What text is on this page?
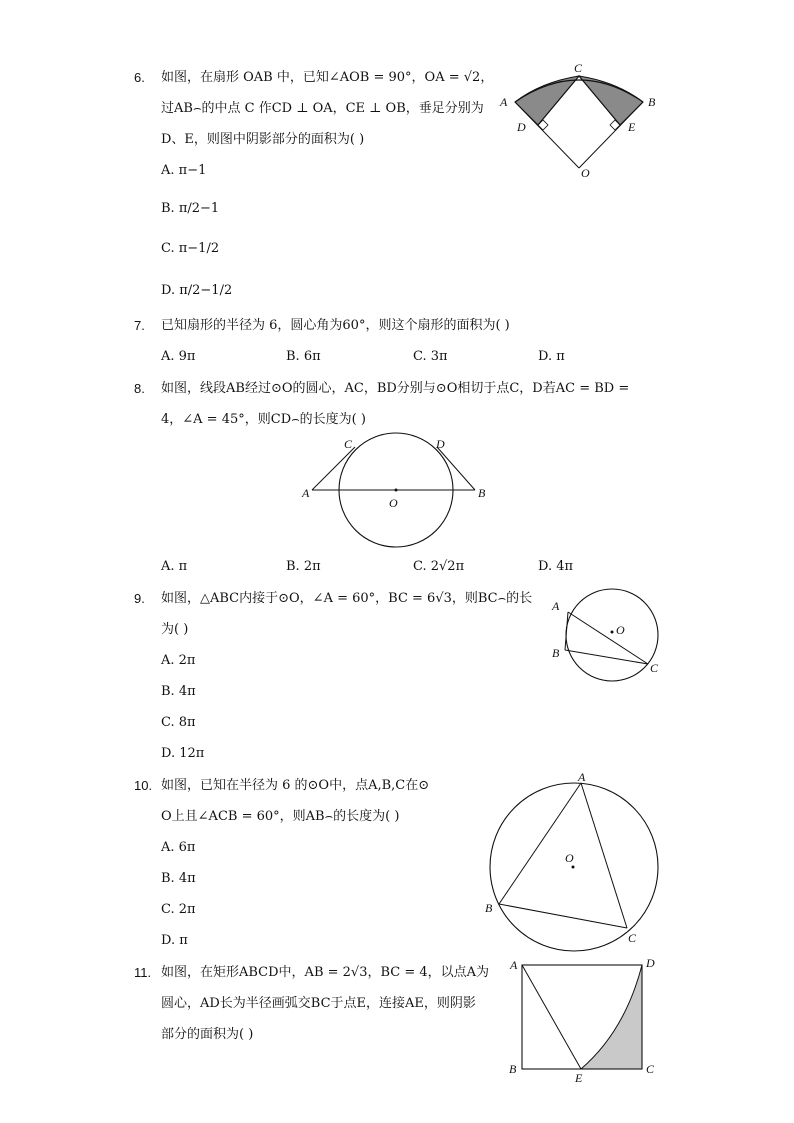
6. 如图，在扇形 OAB 中，已知∠AOB = 90°，OA = √2，
过AB⌢的中点 C 作CD ⊥ OA，CE ⊥ OB，垂足分别为
D、E，则图中阴影部分的面积为( )
A. π−1
B. π/2−1
C. π−1/2
D. π/2−1/2
A	B
C
D	E
O
7. 已知扇形的半径为 6，圆心角为60°，则这个扇形的面积为( )
A. 9π	B. 6π	C. 3π	D. π
8. 如图，线段AB经过⊙O的圆心，AC，BD分别与⊙O相切于点C，D若AC = BD =
4，∠A = 45°，则CD⌢的长度为( )
A	B
C	D
O
A. π	B. 2π	C. 2√2π	D. 4π
9. 如图，△ABC内接于⊙O，∠A = 60°，BC = 6√3，则BC⌢的长
为( )
A. 2π
B. 4π
C. 8π
D. 12π
A
B
C
O
10. 如图，已知在半径为 6 的⊙O中，点A,B,C在⊙
O上且∠ACB = 60°，则AB⌢的长度为( )
A. 6π
B. 4π
C. 2π
D. π
A
B
C
O
11. 如图，在矩形ABCD中，AB = 2√3，BC = 4，以点A为
圆心，AD长为半径画弧交BC于点E，连接AE，则阴影
部分的面积为( )
A
B	C
D
E
